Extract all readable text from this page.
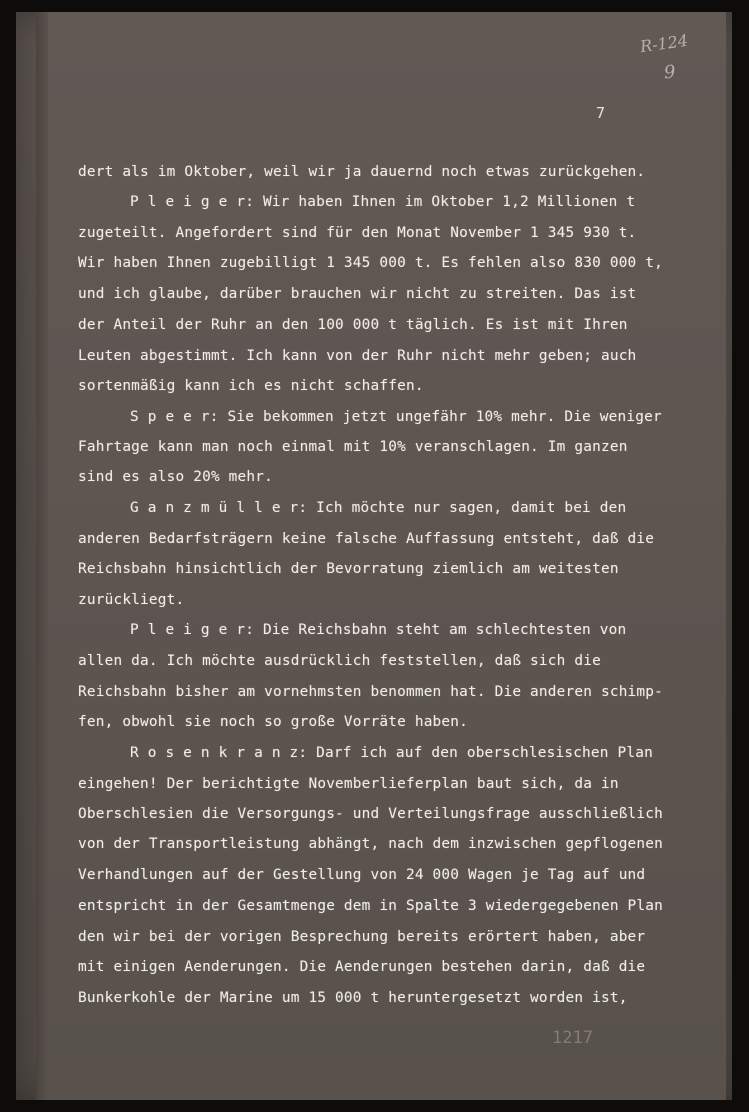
R-124
9
7
dert als im Oktober, weil wir ja dauernd noch etwas zurückgehen.
P l e i g e r: Wir haben Ihnen im Oktober 1,2 Millionen t
zugeteilt. Angefordert sind für den Monat November 1 345 930 t.
Wir haben Ihnen zugebilligt 1 345 000 t. Es fehlen also 830 000 t,
und ich glaube, darüber brauchen wir nicht zu streiten. Das ist
der Anteil der Ruhr an den 100 000 t täglich. Es ist mit Ihren
Leuten abgestimmt. Ich kann von der Ruhr nicht mehr geben; auch
sortenmäßig kann ich es nicht schaffen.
S p e e r: Sie bekommen jetzt ungefähr 10% mehr. Die weniger
Fahrtage kann man noch einmal mit 10% veranschlagen. Im ganzen
sind es also 20% mehr.
G a n z m ü l l e r: Ich möchte nur sagen, damit bei den
anderen Bedarfsträgern keine falsche Auffassung entsteht, daß die
Reichsbahn hinsichtlich der Bevorratung ziemlich am weitesten
zurückliegt.
P l e i g e r: Die Reichsbahn steht am schlechtesten von
allen da. Ich möchte ausdrücklich feststellen, daß sich die
Reichsbahn bisher am vornehmsten benommen hat. Die anderen schimp-
fen, obwohl sie noch so große Vorräte haben.
R o s e n k r a n z: Darf ich auf den oberschlesischen Plan
eingehen! Der berichtigte Novemberlieferplan baut sich, da in
Oberschlesien die Versorgungs- und Verteilungsfrage ausschließlich
von der Transportleistung abhängt, nach dem inzwischen gepflogenen
Verhandlungen auf der Gestellung von 24 000 Wagen je Tag auf und
entspricht in der Gesamtmenge dem in Spalte 3 wiedergegebenen Plan
den wir bei der vorigen Besprechung bereits erörtert haben, aber
mit einigen Aenderungen. Die Aenderungen bestehen darin, daß die
Bunkerkohle der Marine um 15 000 t heruntergesetzt worden ist,
1217
